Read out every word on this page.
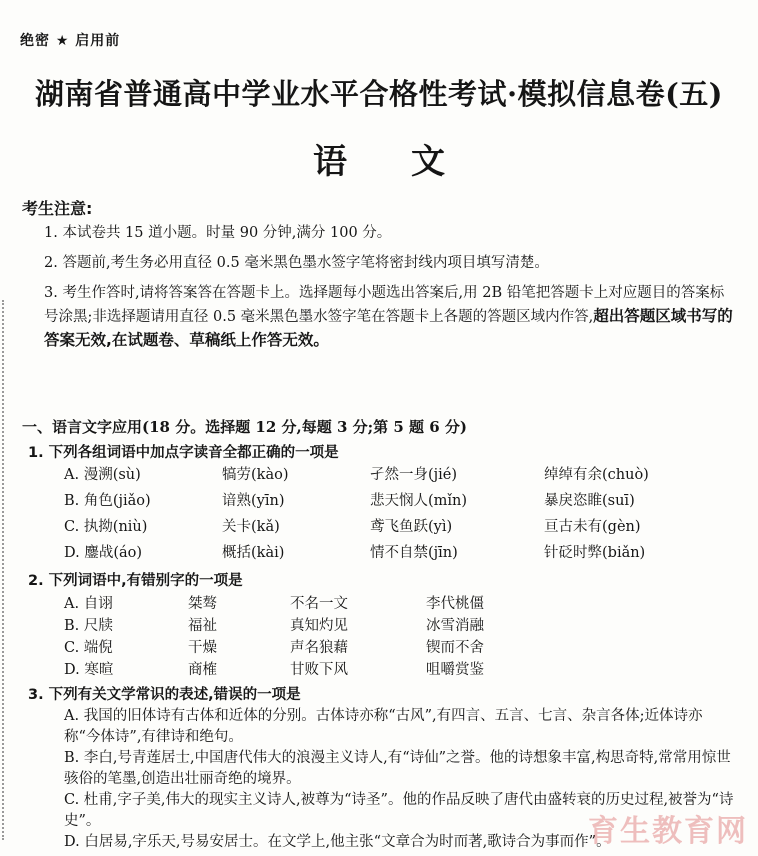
绝密 ★ 启用前
湖南省普通高中学业水平合格性考试·模拟信息卷(五)
语文
考生注意:
1. 本试卷共 15 道小题。时量 90 分钟,满分 100 分。
2. 答题前,考生务必用直径 0.5 毫米黑色墨水签字笔将密封线内项目填写清楚。
3. 考生作答时,请将答案答在答题卡上。选择题每小题选出答案后,用 2B 铅笔把答题卡上对应题目的答案标号涂黑;非选择题请用直径 0.5 毫米黑色墨水签字笔在答题卡上各题的答题区域内作答,超出答题区域书写的答案无效,在试题卷、草稿纸上作答无效。
一、语言文字应用(18 分。选择题 12 分,每题 3 分;第 5 题 6 分)
1. 下列各组词语中加点字读音全都正确的一项是
A. 漫溯(sù)	犒劳(kào)	孑然一身(jié)	绰绰有余(chuò)
B. 角色(jiǎo)	谙熟(yīn)	悲天悯人(mǐn)	暴戾恣睢(suī)
C. 执拗(niù)	关卡(kǎ)	鸢飞鱼跃(yì)	亘古未有(gèn)
D. 鏖战(áo)	概括(kài)	情不自禁(jīn)	针砭时弊(biǎn)
2. 下列词语中,有错别字的一项是
A. 自诩	桀骜	不名一文	李代桃僵
B. 尺牍	福祉	真知灼见	冰雪消融
C. 端倪	干燥	声名狼藉	锲而不舍
D. 寒暄	商榷	甘败下风	咀嚼赏鉴
3. 下列有关文学常识的表述,错误的一项是
A. 我国的旧体诗有古体和近体的分别。古体诗亦称“古风”,有四言、五言、七言、杂言各体;近体诗亦称“今体诗”,有律诗和绝句。
B. 李白,号青莲居士,中国唐代伟大的浪漫主义诗人,有“诗仙”之誉。他的诗想象丰富,构思奇特,常常用惊世骇俗的笔墨,创造出壮丽奇绝的境界。
C. 杜甫,字子美,伟大的现实主义诗人,被尊为“诗圣”。他的作品反映了唐代由盛转衰的历史过程,被誉为“诗史”。
D. 白居易,字乐天,号易安居士。在文学上,他主张“文章合为时而著,歌诗合为事而作”。
育生教育网
